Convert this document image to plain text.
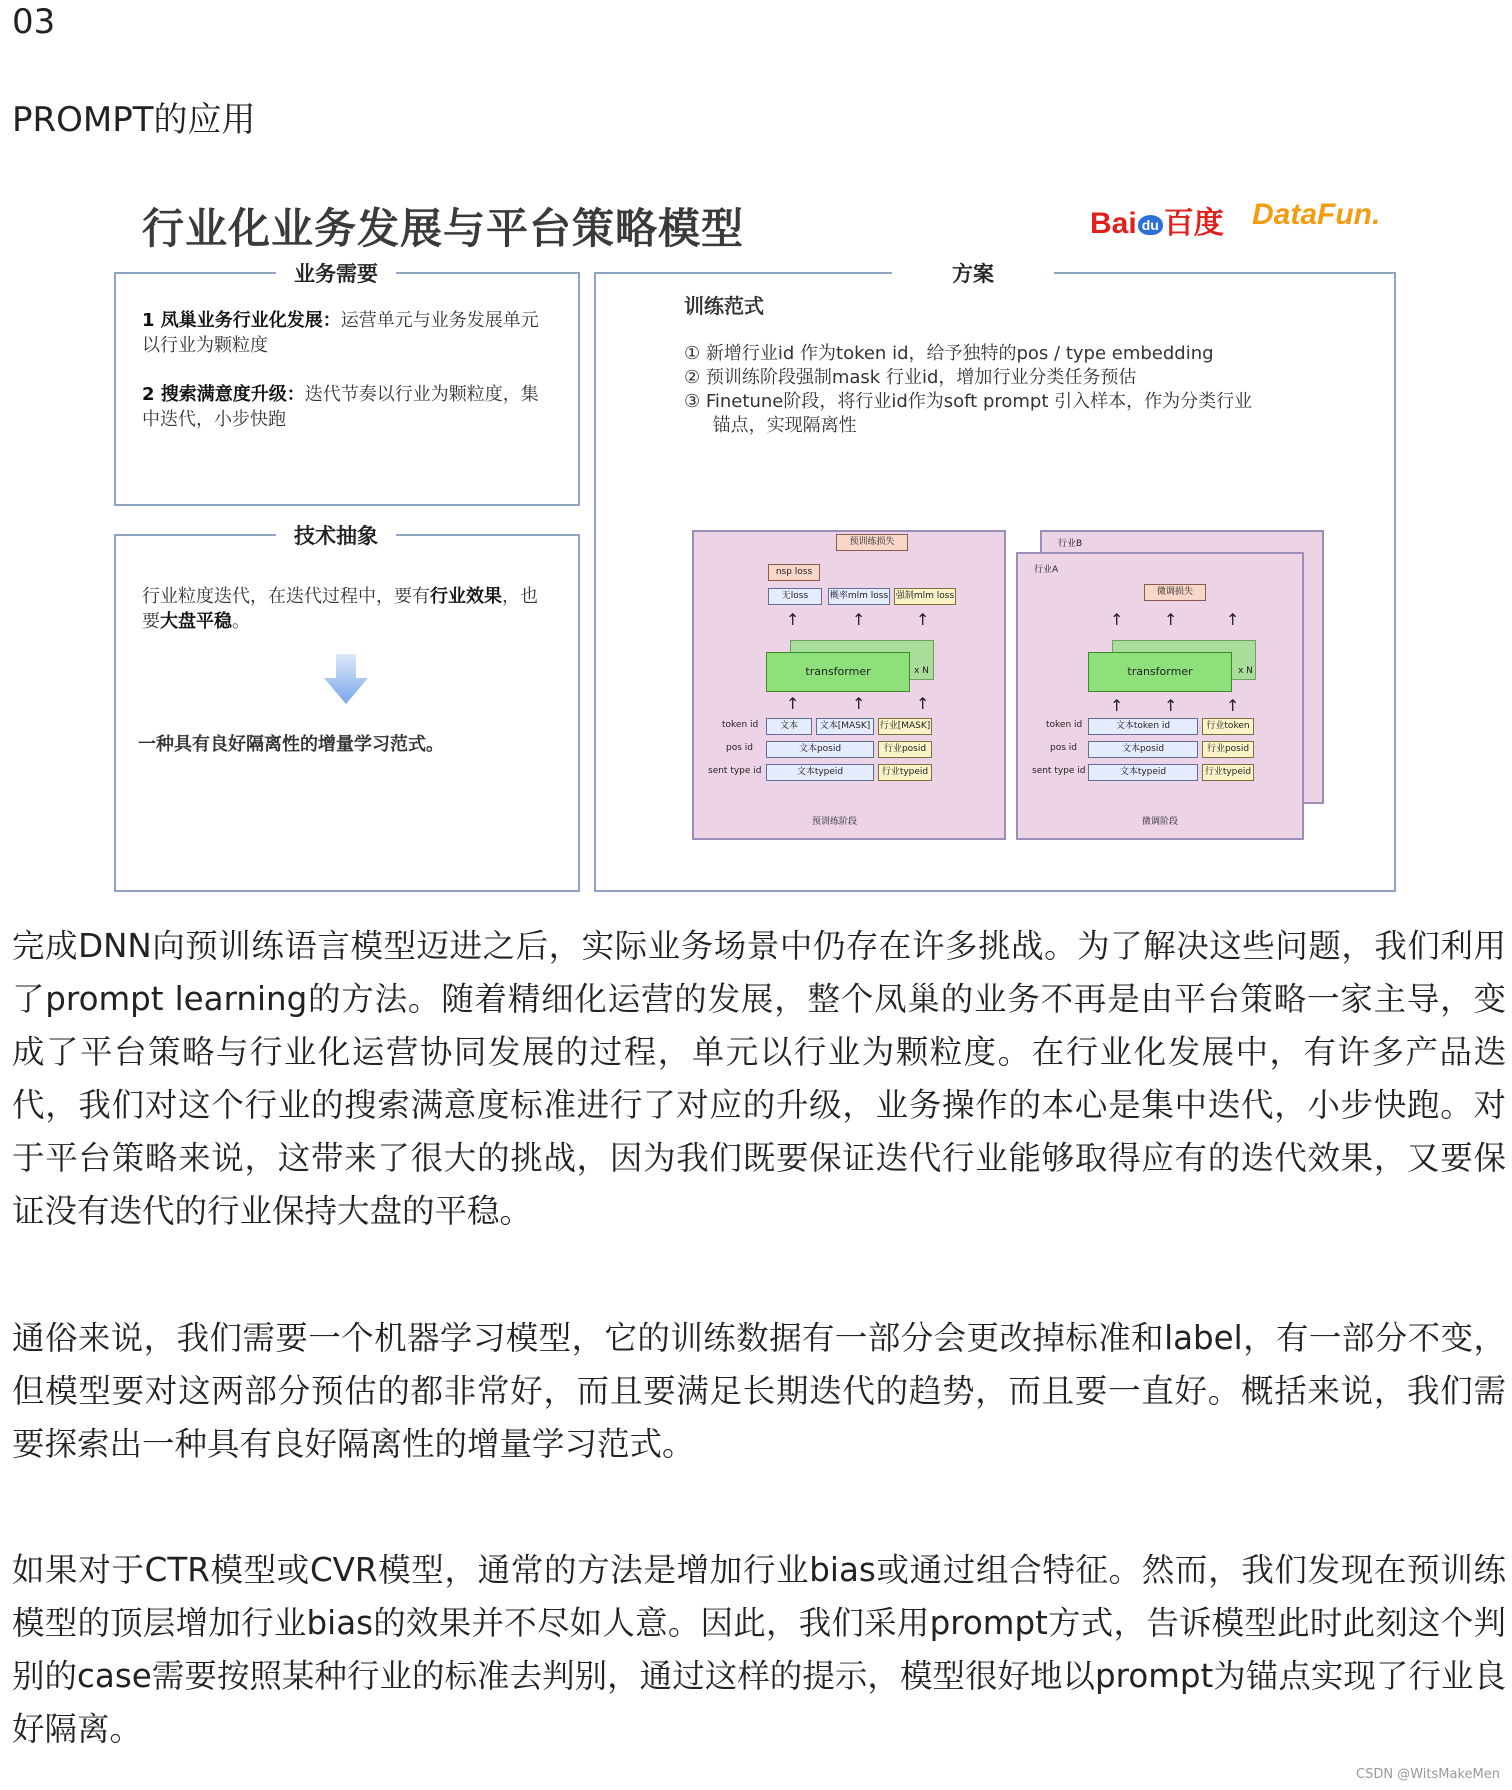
03
PROMPT的应用
行业化业务发展与平台策略模型	Bai du 百度 DataFun.
业务需要
1 凤巢业务行业化发展：运营单元与业务发展单元以行业为颗粒度
2 搜索满意度升级：迭代节奏以行业为颗粒度，集中迭代，小步快跑
技术抽象
行业粒度迭代，在迭代过程中，要有行业效果，也要大盘平稳。
一种具有良好隔离性的增量学习范式。
方案
训练范式
① 新增行业id 作为token id，给予独特的pos / type embedding
② 预训练阶段强制mask 行业id，增加行业分类任务预估
③ Finetune阶段，将行业id作为soft prompt 引入样本，作为分类行业
锚点，实现隔离性
预训练损失
nsp loss
无loss	概率mlm loss 强制mlm loss
↑	↑	↑
transformer	x N
↑	↑	↑
token id
pos id
sent type id
文本	文本[MASK]	行业[MASK]
文本posid	行业posid
文本typeid	行业typeid
预训练阶段
行业B
行业A
微调损失
↑	↑	↑
transformer	x N
↑	↑	↑
token id
pos id
sent type id
文本token id	行业token
文本posid	行业posid
文本typeid	行业typeid
微调阶段
完成DNN向预训练语言模型迈进之后，实际业务场景中仍存在许多挑战。为了解决这些问题，我们利用了prompt learning的方法。随着精细化运营的发展，整个凤巢的业务不再是由平台策略一家主导，变成了平台策略与行业化运营协同发展的过程，单元以行业为颗粒度。在行业化发展中，有许多产品迭代，我们对这个行业的搜索满意度标准进行了对应的升级，业务操作的本心是集中迭代，小步快跑。对于平台策略来说，这带来了很大的挑战，因为我们既要保证迭代行业能够取得应有的迭代效果，又要保证没有迭代的行业保持大盘的平稳。
通俗来说，我们需要一个机器学习模型，它的训练数据有一部分会更改掉标准和label，有一部分不变，但模型要对这两部分预估的都非常好，而且要满足长期迭代的趋势，而且要一直好。概括来说，我们需要探索出一种具有良好隔离性的增量学习范式。
如果对于CTR模型或CVR模型，通常的方法是增加行业bias或通过组合特征。然而，我们发现在预训练模型的顶层增加行业bias的效果并不尽如人意。因此，我们采用prompt方式，告诉模型此时此刻这个判别的case需要按照某种行业的标准去判别，通过这样的提示，模型很好地以prompt为锚点实现了行业良好隔离。
CSDN @WitsMakeMen
